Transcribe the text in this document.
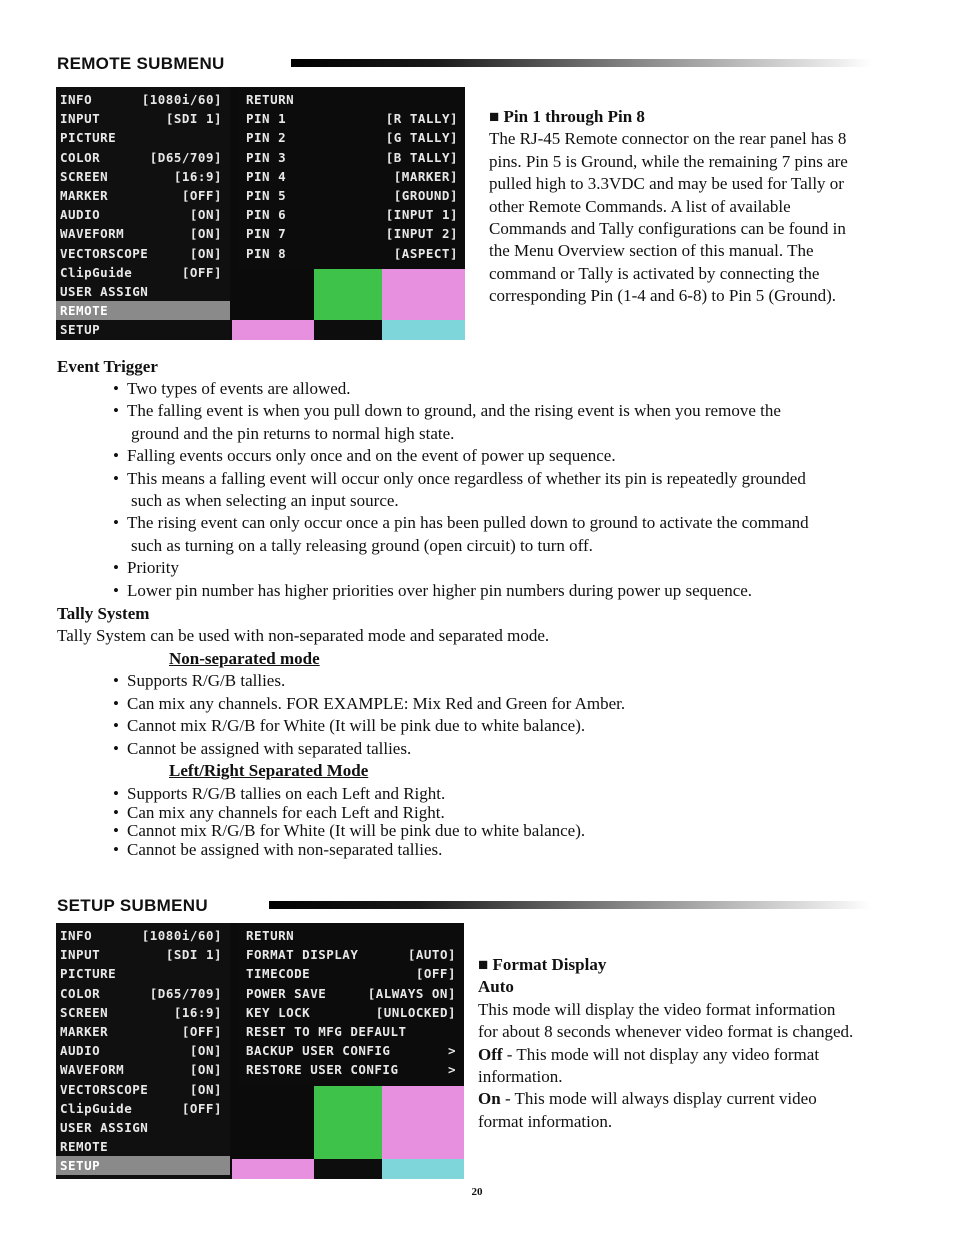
REMOTE SUBMENU
INFO	[1080i/60]
INPUT	[SDI 1]
PICTURE
COLOR	[D65/709]
SCREEN	[16:9]
MARKER	[OFF]
AUDIO	[ON]
WAVEFORM	[ON]
VECTORSCOPE	[ON]
ClipGuide	[OFF]
USER ASSIGN
REMOTE
SETUP
RETURN
PIN 1	[R TALLY]
PIN 2	[G TALLY]
PIN 3	[B TALLY]
PIN 4	[MARKER]
PIN 5	[GROUND]
PIN 6	[INPUT 1]
PIN 7	[INPUT 2]
PIN 8	[ASPECT]
■ Pin 1 through Pin 8
The RJ-45 Remote connector on the rear panel has 8
pins. Pin 5 is Ground, while the remaining 7 pins are
pulled high to 3.3VDC and may be used for Tally or
other Remote Commands. A list of available
Commands and Tally configurations can be found in
the Menu Overview section of this manual. The
command or Tally is activated by connecting the
corresponding Pin (1-4 and 6-8) to Pin 5 (Ground).
Event Trigger
• Two types of events are allowed.
• The falling event is when you pull down to ground, and the rising event is when you remove the
ground and the pin returns to normal high state.
• Falling events occurs only once and on the event of power up sequence.
• This means a falling event will occur only once regardless of whether its pin is repeatedly grounded
such as when selecting an input source.
• The rising event can only occur once a pin has been pulled down to ground to activate the command
such as turning on a tally releasing ground (open circuit) to turn off.
• Priority
• Lower pin number has higher priorities over higher pin numbers during power up sequence.
Tally System
Tally System can be used with non-separated mode and separated mode.
Non-separated mode
• Supports R/G/B tallies.
• Can mix any channels. FOR EXAMPLE: Mix Red and Green for Amber.
• Cannot mix R/G/B for White (It will be pink due to white balance).
• Cannot be assigned with separated tallies.
Left/Right Separated Mode
• Supports R/G/B tallies on each Left and Right.
• Can mix any channels for each Left and Right.
• Cannot mix R/G/B for White (It will be pink due to white balance).
• Cannot be assigned with non-separated tallies.
SETUP SUBMENU
INFO	[1080i/60]
INPUT	[SDI 1]
PICTURE
COLOR	[D65/709]
SCREEN	[16:9]
MARKER	[OFF]
AUDIO	[ON]
WAVEFORM	[ON]
VECTORSCOPE	[ON]
ClipGuide	[OFF]
USER ASSIGN
REMOTE
SETUP
RETURN
FORMAT DISPLAY	[AUTO]
TIMECODE	[OFF]
POWER SAVE	[ALWAYS ON]
KEY LOCK	[UNLOCKED]
RESET TO MFG DEFAULT
BACKUP USER CONFIG	>
RESTORE USER CONFIG	>
■ Format Display
Auto
This mode will display the video format information
for about 8 seconds whenever video format is changed.
Off - This mode will not display any video format
information.
On - This mode will always display current video
format information.
20
